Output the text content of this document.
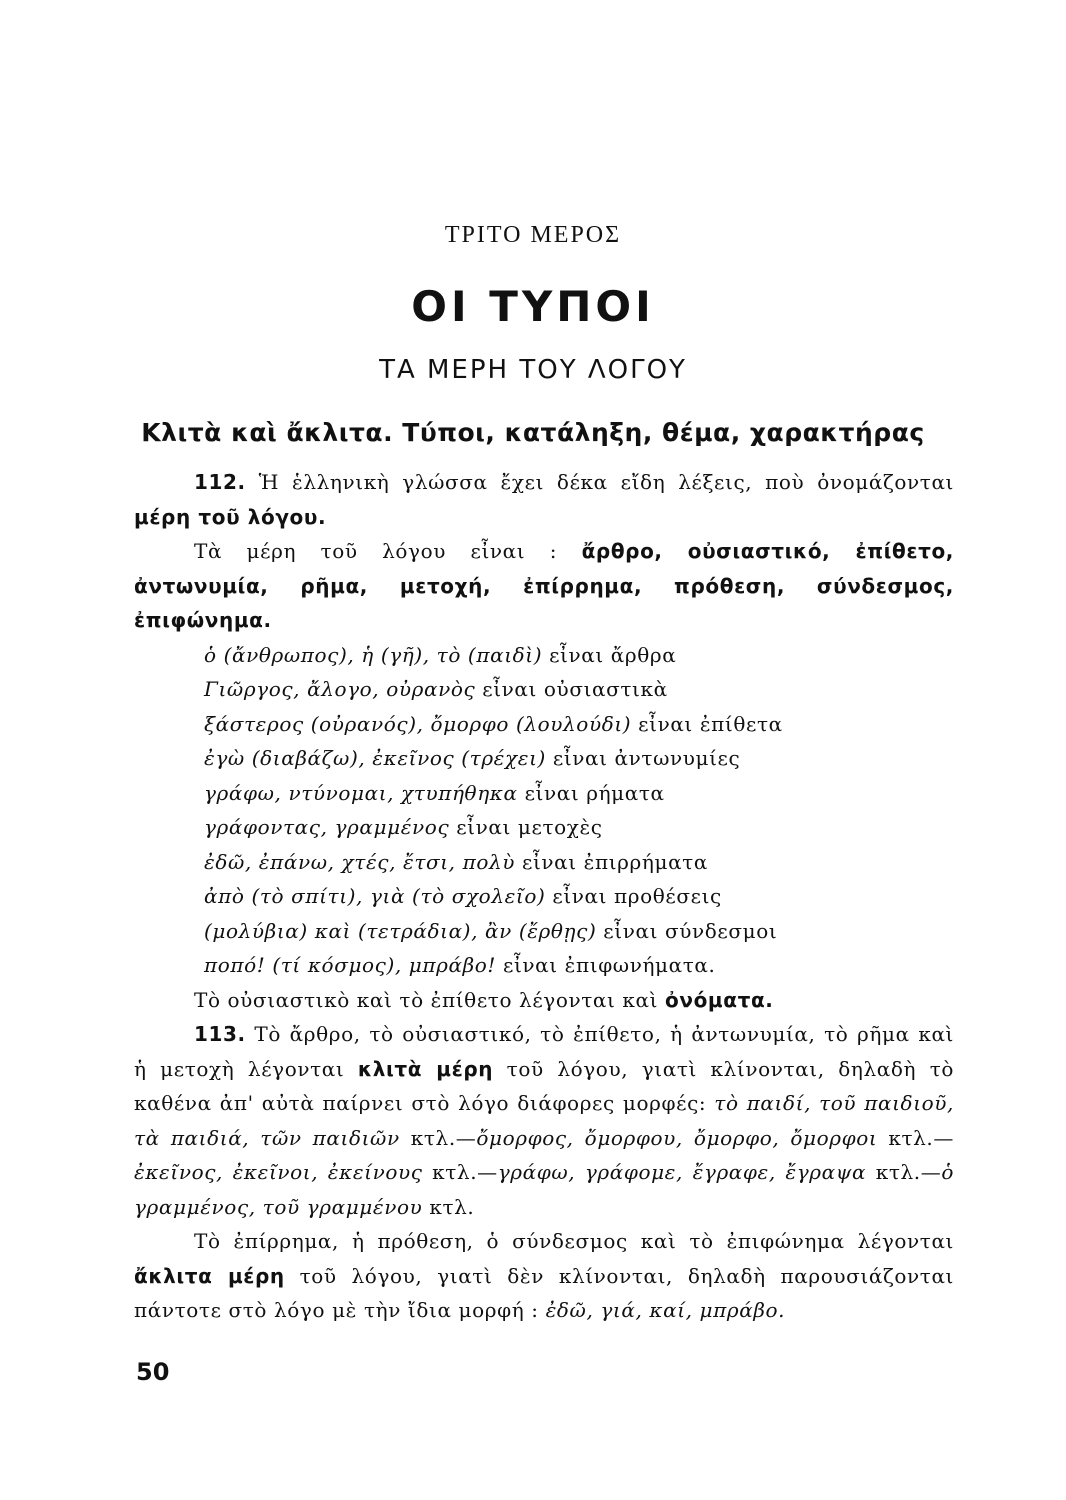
ΤΡΙΤΟ ΜΕΡΟΣ
ΟΙ ΤΥΠΟΙ
ΤΑ ΜΕΡΗ ΤΟΥ ΛΟΓΟΥ
Κλιτὰ καὶ ἄκλιτα. Τύποι, κατάληξη, θέμα, χαρακτήρας

112. Ἡ ἑλληνικὴ γλώσσα ἔχει δέκα εἴδη λέξεις, ποὺ ὀνομάζονται μέρη τοῦ λόγου.

Τὰ μέρη τοῦ λόγου εἶναι : ἄρθρο, οὐσιαστικό, ἐπίθετο, ἀντωνυμία, ρῆμα, μετοχή, ἐπίρρημα, πρόθεση, σύνδεσμος, ἐπιφώνημα.

ὁ (ἄνθρωπος), ἡ (γῆ), τὸ (παιδὶ) εἶναι ἄρθρα
Γιῶργος, ἄλογο, οὐρανὸς εἶναι οὐσιαστικὰ
ξάστερος (οὐρανός), ὄμορφο (λουλούδι) εἶναι ἐπίθετα
ἐγὼ (διαβάζω), ἐκεῖνος (τρέχει) εἶναι ἀντωνυμίες
γράφω, ντύνομαι, χτυπήθηκα εἶναι ρήματα
γράφοντας, γραμμένος εἶναι μετοχὲς
ἐδῶ, ἐπάνω, χτές, ἔτσι, πολὺ εἶναι ἐπιρρήματα
ἀπὸ (τὸ σπίτι), γιὰ (τὸ σχολεῖο) εἶναι προθέσεις
(μολύβια) καὶ (τετράδια), ἂν (ἔρθῃς) εἶναι σύνδεσμοι
ποπό! (τί κόσμος), μπράβο! εἶναι ἐπιφωνήματα.

Τὸ οὐσιαστικὸ καὶ τὸ ἐπίθετο λέγονται καὶ ὀνόματα.

113. Τὸ ἄρθρο, τὸ οὐσιαστικό, τὸ ἐπίθετο, ἡ ἀντωνυμία, τὸ ρῆμα καὶ ἡ μετοχὴ λέγονται κλιτὰ μέρη τοῦ λόγου, γιατὶ κλίνονται, δηλαδὴ τὸ καθένα ἀπ' αὐτὰ παίρνει στὸ λόγο διάφορες μορφές: τὸ παιδί, τοῦ παιδιοῦ, τὰ παιδιά, τῶν παιδιῶν κτλ.—ὄμορφος, ὄμορφου, ὄμορφο, ὄμορφοι κτλ.—ἐκεῖνος, ἐκεῖνοι, ἐκείνους κτλ.—γράφω, γράφομε, ἔγραφε, ἔγραψα κτλ.—ὁ γραμμένος, τοῦ γραμμένου κτλ.

Τὸ ἐπίρρημα, ἡ πρόθεση, ὁ σύνδεσμος καὶ τὸ ἐπιφώνημα λέγονται ἄκλιτα μέρη τοῦ λόγου, γιατὶ δὲν κλίνονται, δηλαδὴ παρουσιάζονται πάντοτε στὸ λόγο μὲ τὴν ἴδια μορφή : ἐδῶ, γιά, καί, μπράβο.

50
